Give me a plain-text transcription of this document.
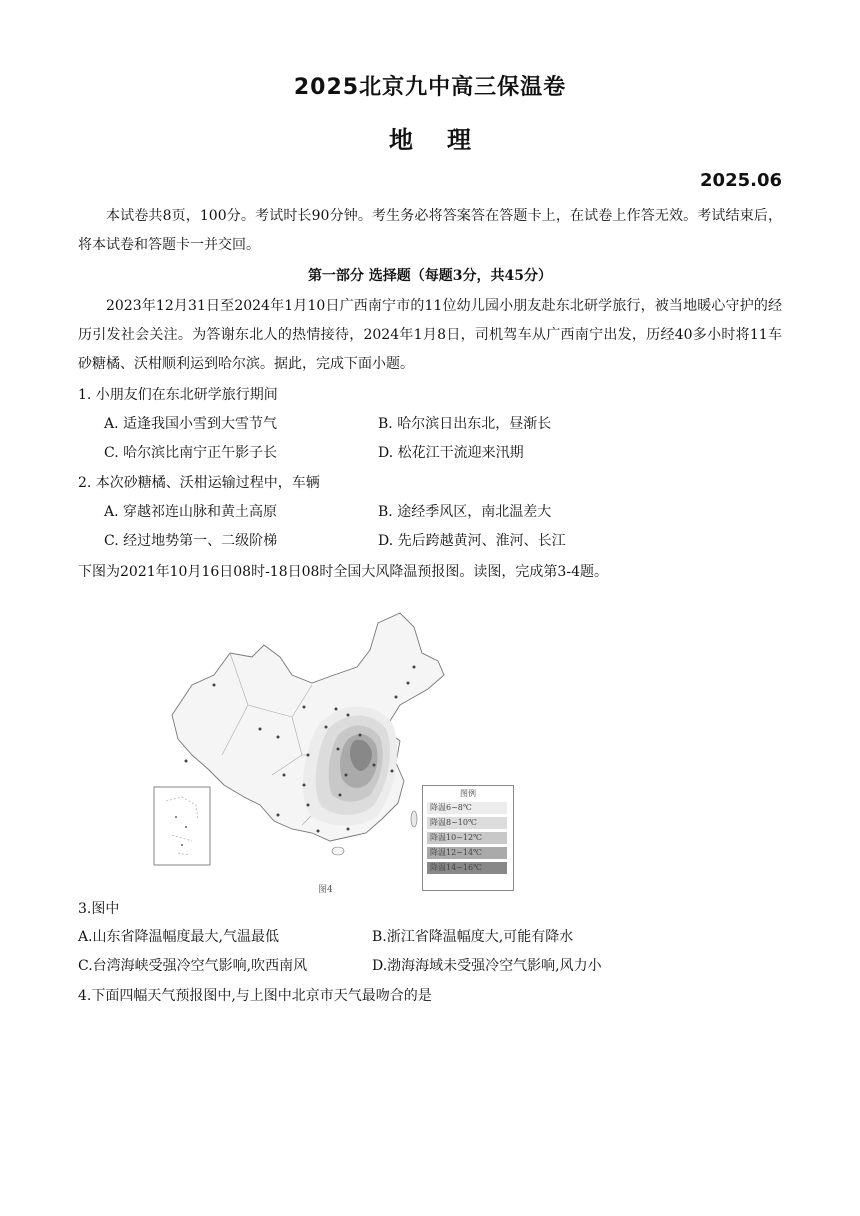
2025北京九中高三保温卷
地理
2025.06
本试卷共8页，100分。考试时长90分钟。考生务必将答案答在答题卡上，在试卷上作答无效。考试结束后，将本试卷和答题卡一并交回。
第一部分 选择题（每题3分，共45分）
2023年12月31日至2024年1月10日广西南宁市的11位幼儿园小朋友赴东北研学旅行，被当地暖心守护的经历引发社会关注。为答谢东北人的热情接待，2024年1月8日，司机驾车从广西南宁出发，历经40多小时将11车砂糖橘、沃柑顺利运到哈尔滨。据此，完成下面小题。
1. 小朋友们在东北研学旅行期间
A. 适逢我国小雪到大雪节气	B. 哈尔滨日出东北，昼渐长
C. 哈尔滨比南宁正午影子长	D. 松花江干流迎来汛期
2. 本次砂糖橘、沃柑运输过程中，车辆
A. 穿越祁连山脉和黄土高原	B. 途经季风区，南北温差大
C. 经过地势第一、二级阶梯	D. 先后跨越黄河、淮河、长江
下图为2021年10月16日08时-18日08时全国大风降温预报图。读图，完成第3-4题。
图例
降温6~8℃
降温8~10℃
降温10~12℃
降温12~14℃
降温14~16℃
图4
3.图中
A.山东省降温幅度最大,气温最低	B.浙江省降温幅度大,可能有降水
C.台湾海峡受强冷空气影响,吹西南风	D.渤海海域未受强冷空气影响,风力小
4.下面四幅天气预报图中,与上图中北京市天气最吻合的是
